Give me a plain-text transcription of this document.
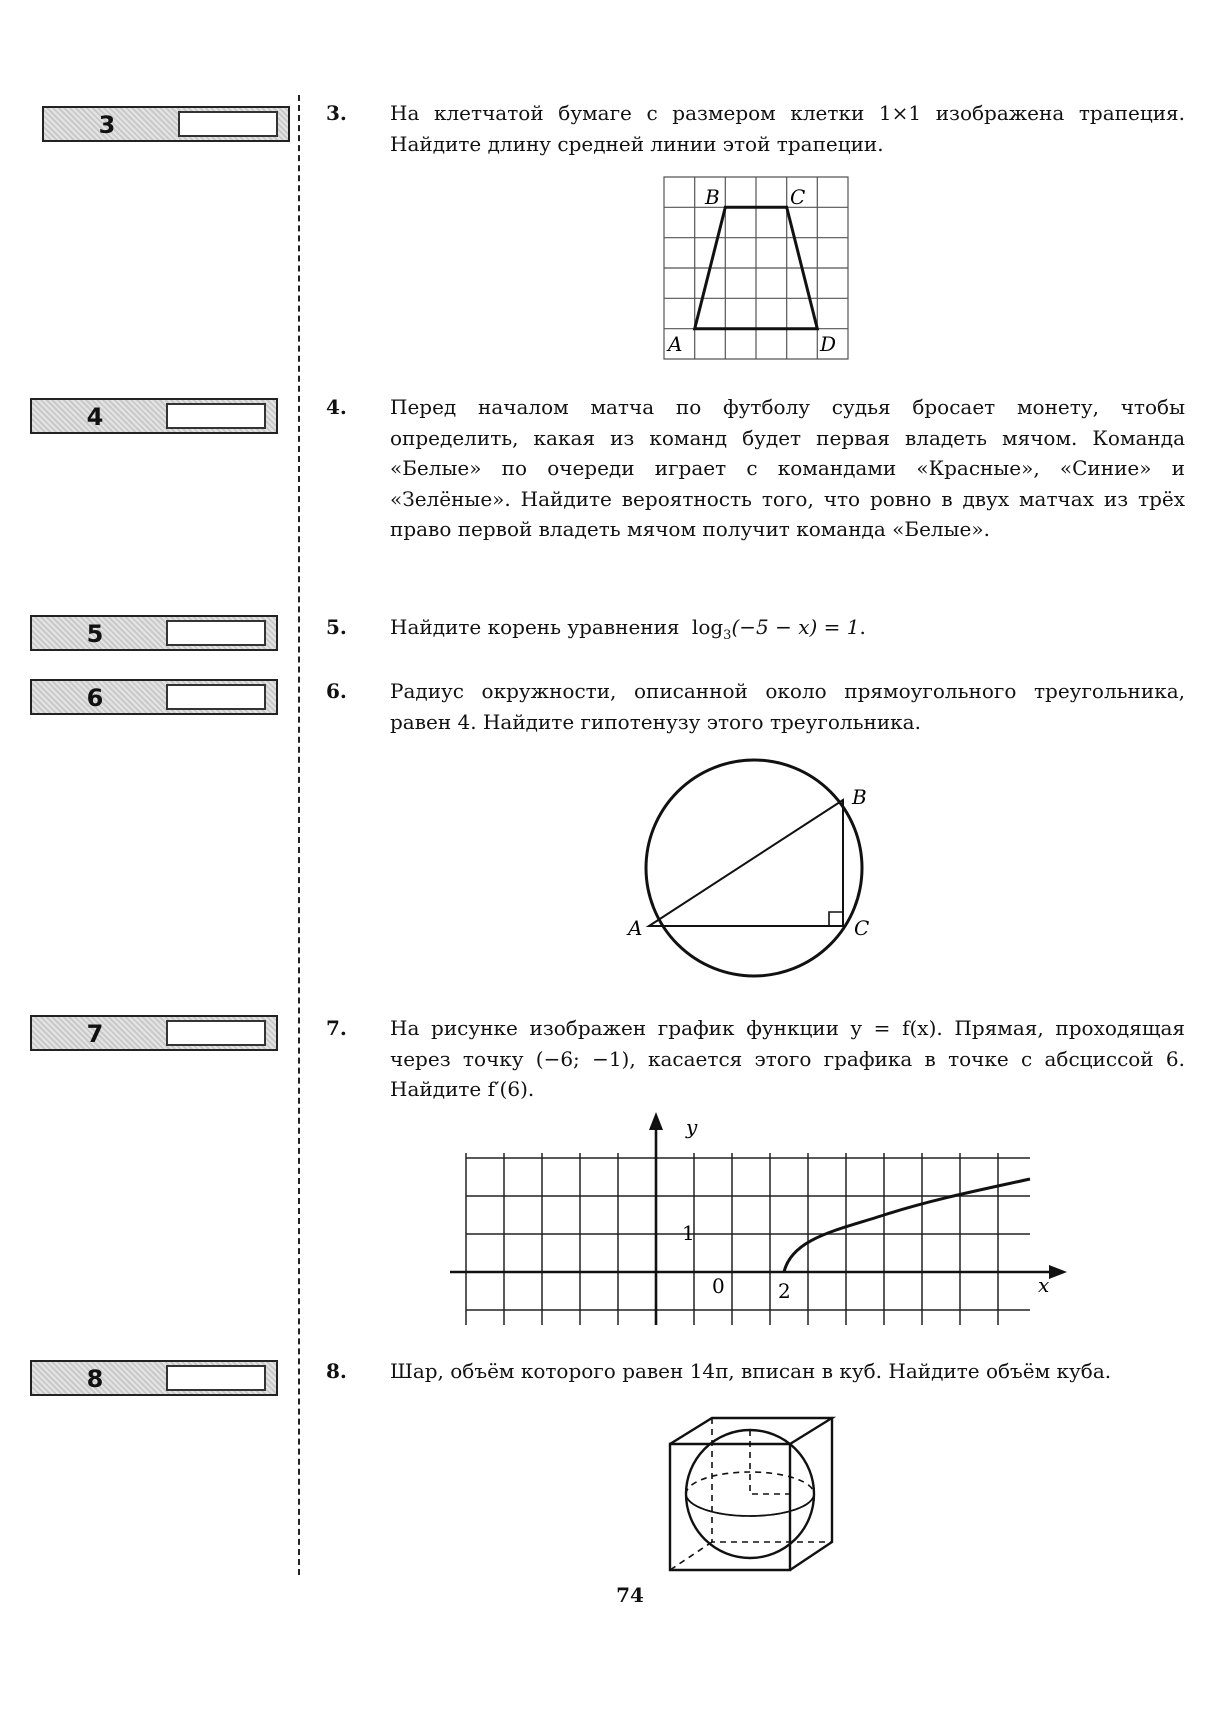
3
4
5
6
7
8
3. На клетчатой бумаге с размером клетки 1×1 изображена трапеция. Найдите длину средней линии этой трапеции.
B	C
A	D
4. Перед началом матча по футболу судья бросает монету, чтобы определить, какая из команд будет первая владеть мячом. Команда «Белые» по очереди играет с командами «Красные», «Синие» и «Зелёные». Найдите вероятность того, что ровно в двух матчах из трёх право первой владеть мячом получит команда «Белые».
5. Найдите корень уравнения $\log_3(-5 - x) = 1$.
6. Радиус окружности, описанной около прямоугольного треугольника, равен 4. Найдите гипотенузу этого треугольника.
B
A	C
7. На рисунке изображен график функции y = f(x). Прямая, проходящая через точку (−6; −1), касается этого графика в точке с абсциссой 6. Найдите f′(6).
y
x
1
0	2
8. Шар, объём которого равен 14π, вписан в куб. Найдите объём куба.
74
